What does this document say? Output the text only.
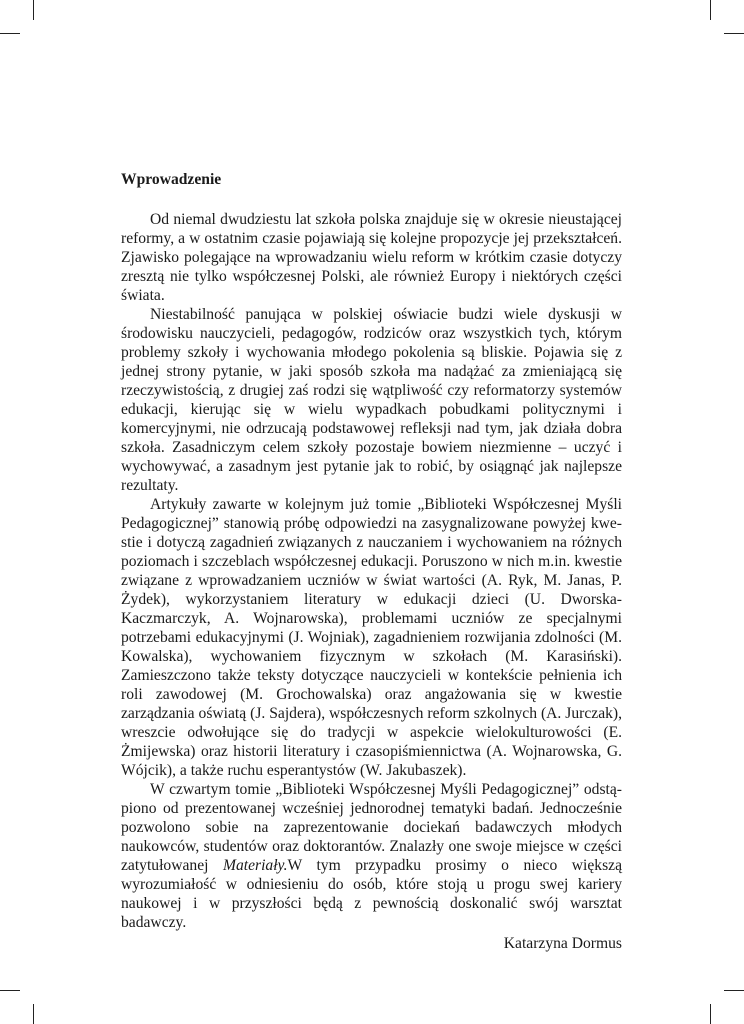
Wprowadzenie

Od niemal dwudziestu lat szkoła polska znajduje się w okresie nieustającej reformy, a w ostatnim czasie pojawiają się kolejne propozycje jej przekształceń. Zjawisko polegające na wprowadzaniu wielu reform w krótkim czasie dotyczy zresztą nie tylko współczesnej Polski, ale również Europy i niektórych części świata.

Niestabilność panująca w polskiej oświacie budzi wiele dyskusji w środowisku nauczycieli, pedagogów, rodziców oraz wszystkich tych, którym problemy szkoły i wychowania młodego pokolenia są bliskie. Pojawia się z jednej strony pytanie, w jaki sposób szkoła ma nadążać za zmieniającą się rzeczywistością, z drugiej zaś rodzi się wątpliwość czy reformatorzy systemów edukacji, kierując się w wielu wypadkach pobudkami politycznymi i komercyjnymi, nie odrzucają podstawowej refleksji nad tym, jak działa dobra szkoła. Zasadniczym celem szkoły pozostaje bowiem niezmienne – uczyć i wychowywać, a zasadnym jest pytanie jak to robić, by osiągnąć jak najlepsze rezultaty.

Artykuły zawarte w kolejnym już tomie „Biblioteki Współczesnej Myśli Pedagogicznej” stanowią próbę odpowiedzi na zasygnalizowane powyżej kwestie i dotyczą zagadnień związanych z nauczaniem i wychowaniem na różnych poziomach i szczeblach współczesnej edukacji. Poruszono w nich m.in. kwestie związane z wprowadzaniem uczniów w świat wartości (A. Ryk, M. Janas, P. Żydek), wykorzystaniem literatury w edukacji dzieci (U. Dworska-Kaczmarczyk, A. Wojnarowska), problemami uczniów ze specjalnymi potrzebami edukacyjnymi (J. Wojniak), zagadnieniem rozwijania zdolności (M. Kowalska), wychowaniem fizycznym w szkołach (M. Karasiński). Zamieszczono także teksty dotyczące nauczycieli w kontekście pełnienia ich roli zawodowej (M. Grochowalska) oraz angażowania się w kwestie zarządzania oświatą (J. Sajdera), współczesnych reform szkolnych (A. Jurczak), wreszcie odwołujące się do tradycji w aspekcie wielokulturowości (E. Żmijewska) oraz historii literatury i czasopiśmiennictwa (A. Wojnarowska, G. Wójcik), a także ruchu esperantystów (W. Jakubaszek).

W czwartym tomie „Biblioteki Współczesnej Myśli Pedagogicznej” odstąpiono od prezentowanej wcześniej jednorodnej tematyki badań. Jednocześnie pozwolono sobie na zaprezentowanie dociekań badawczych młodych naukowców, studentów oraz doktorantów. Znalazły one swoje miejsce w części zatytułowanej Materiały.W tym przypadku prosimy o nieco większą wyrozumiałość w odniesieniu do osób, które stoją u progu swej kariery naukowej i w przyszłości będą z pewnością doskonalić swój warsztat badawczy.

Katarzyna Dormus
